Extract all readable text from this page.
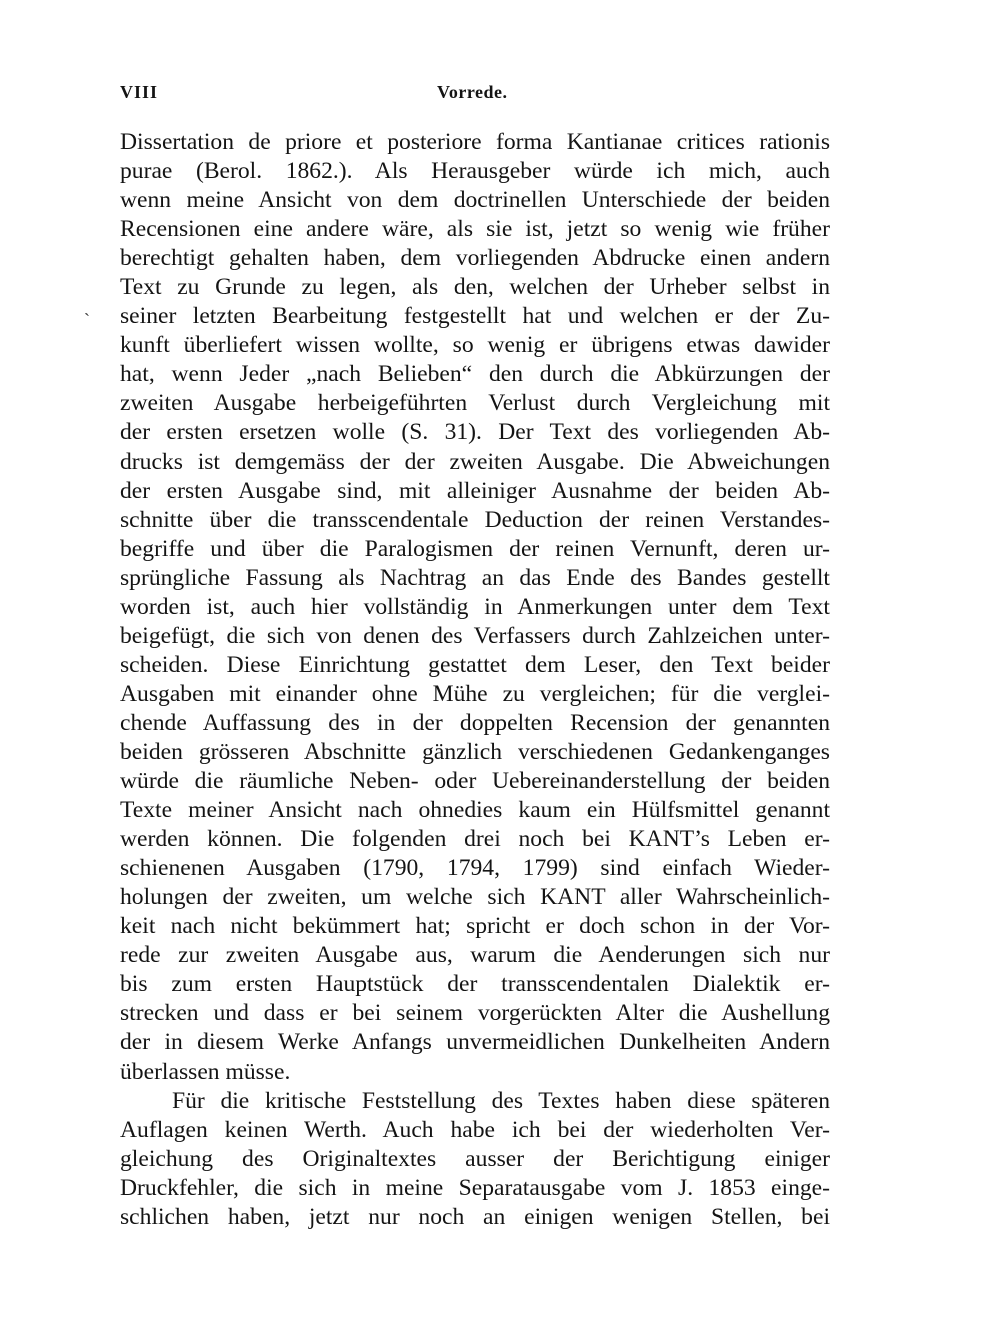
VIII	Vorrede.
ˎ
Dissertation de priore et posteriore forma Kantianae critices rationis
purae (Berol. 1862.). Als Herausgeber würde ich mich, auch
wenn meine Ansicht von dem doctrinellen Unterschiede der beiden
Recensionen eine andere wäre, als sie ist, jetzt so wenig wie früher
berechtigt gehalten haben, dem vorliegenden Abdrucke einen andern
Text zu Grunde zu legen, als den, welchen der Urheber selbst in
seiner letzten Bearbeitung festgestellt hat und welchen er der Zu-
kunft überliefert wissen wollte, so wenig er übrigens etwas dawider
hat, wenn Jeder „nach Belieben“ den durch die Abkürzungen der
zweiten Ausgabe herbeigeführten Verlust durch Vergleichung mit
der ersten ersetzen wolle (S. 31). Der Text des vorliegenden Ab-
drucks ist demgemäss der der zweiten Ausgabe. Die Abweichungen
der ersten Ausgabe sind, mit alleiniger Ausnahme der beiden Ab-
schnitte über die transscendentale Deduction der reinen Verstandes-
begriffe und über die Paralogismen der reinen Vernunft, deren ur-
sprüngliche Fassung als Nachtrag an das Ende des Bandes gestellt
worden ist, auch hier vollständig in Anmerkungen unter dem Text
beigefügt, die sich von denen des Verfassers durch Zahlzeichen unter-
scheiden. Diese Einrichtung gestattet dem Leser, den Text beider
Ausgaben mit einander ohne Mühe zu vergleichen; für die verglei-
chende Auffassung des in der doppelten Recension der genannten
beiden grösseren Abschnitte gänzlich verschiedenen Gedankenganges
würde die räumliche Neben- oder Uebereinanderstellung der beiden
Texte meiner Ansicht nach ohnedies kaum ein Hülfsmittel genannt
werden können. Die folgenden drei noch bei KANT’s Leben er-
schienenen Ausgaben (1790, 1794, 1799) sind einfach Wieder-
holungen der zweiten, um welche sich KANT aller Wahrscheinlich-
keit nach nicht bekümmert hat; spricht er doch schon in der Vor-
rede zur zweiten Ausgabe aus, warum die Aenderungen sich nur
bis zum ersten Hauptstück der transscendentalen Dialektik er-
strecken und dass er bei seinem vorgerückten Alter die Aushellung
der in diesem Werke Anfangs unvermeidlichen Dunkelheiten Andern
überlassen müsse.
Für die kritische Feststellung des Textes haben diese späteren
Auflagen keinen Werth. Auch habe ich bei der wiederholten Ver-
gleichung des Originaltextes ausser der Berichtigung einiger
Druckfehler, die sich in meine Separatausgabe vom J. 1853 einge-
schlichen haben, jetzt nur noch an einigen wenigen Stellen, bei
